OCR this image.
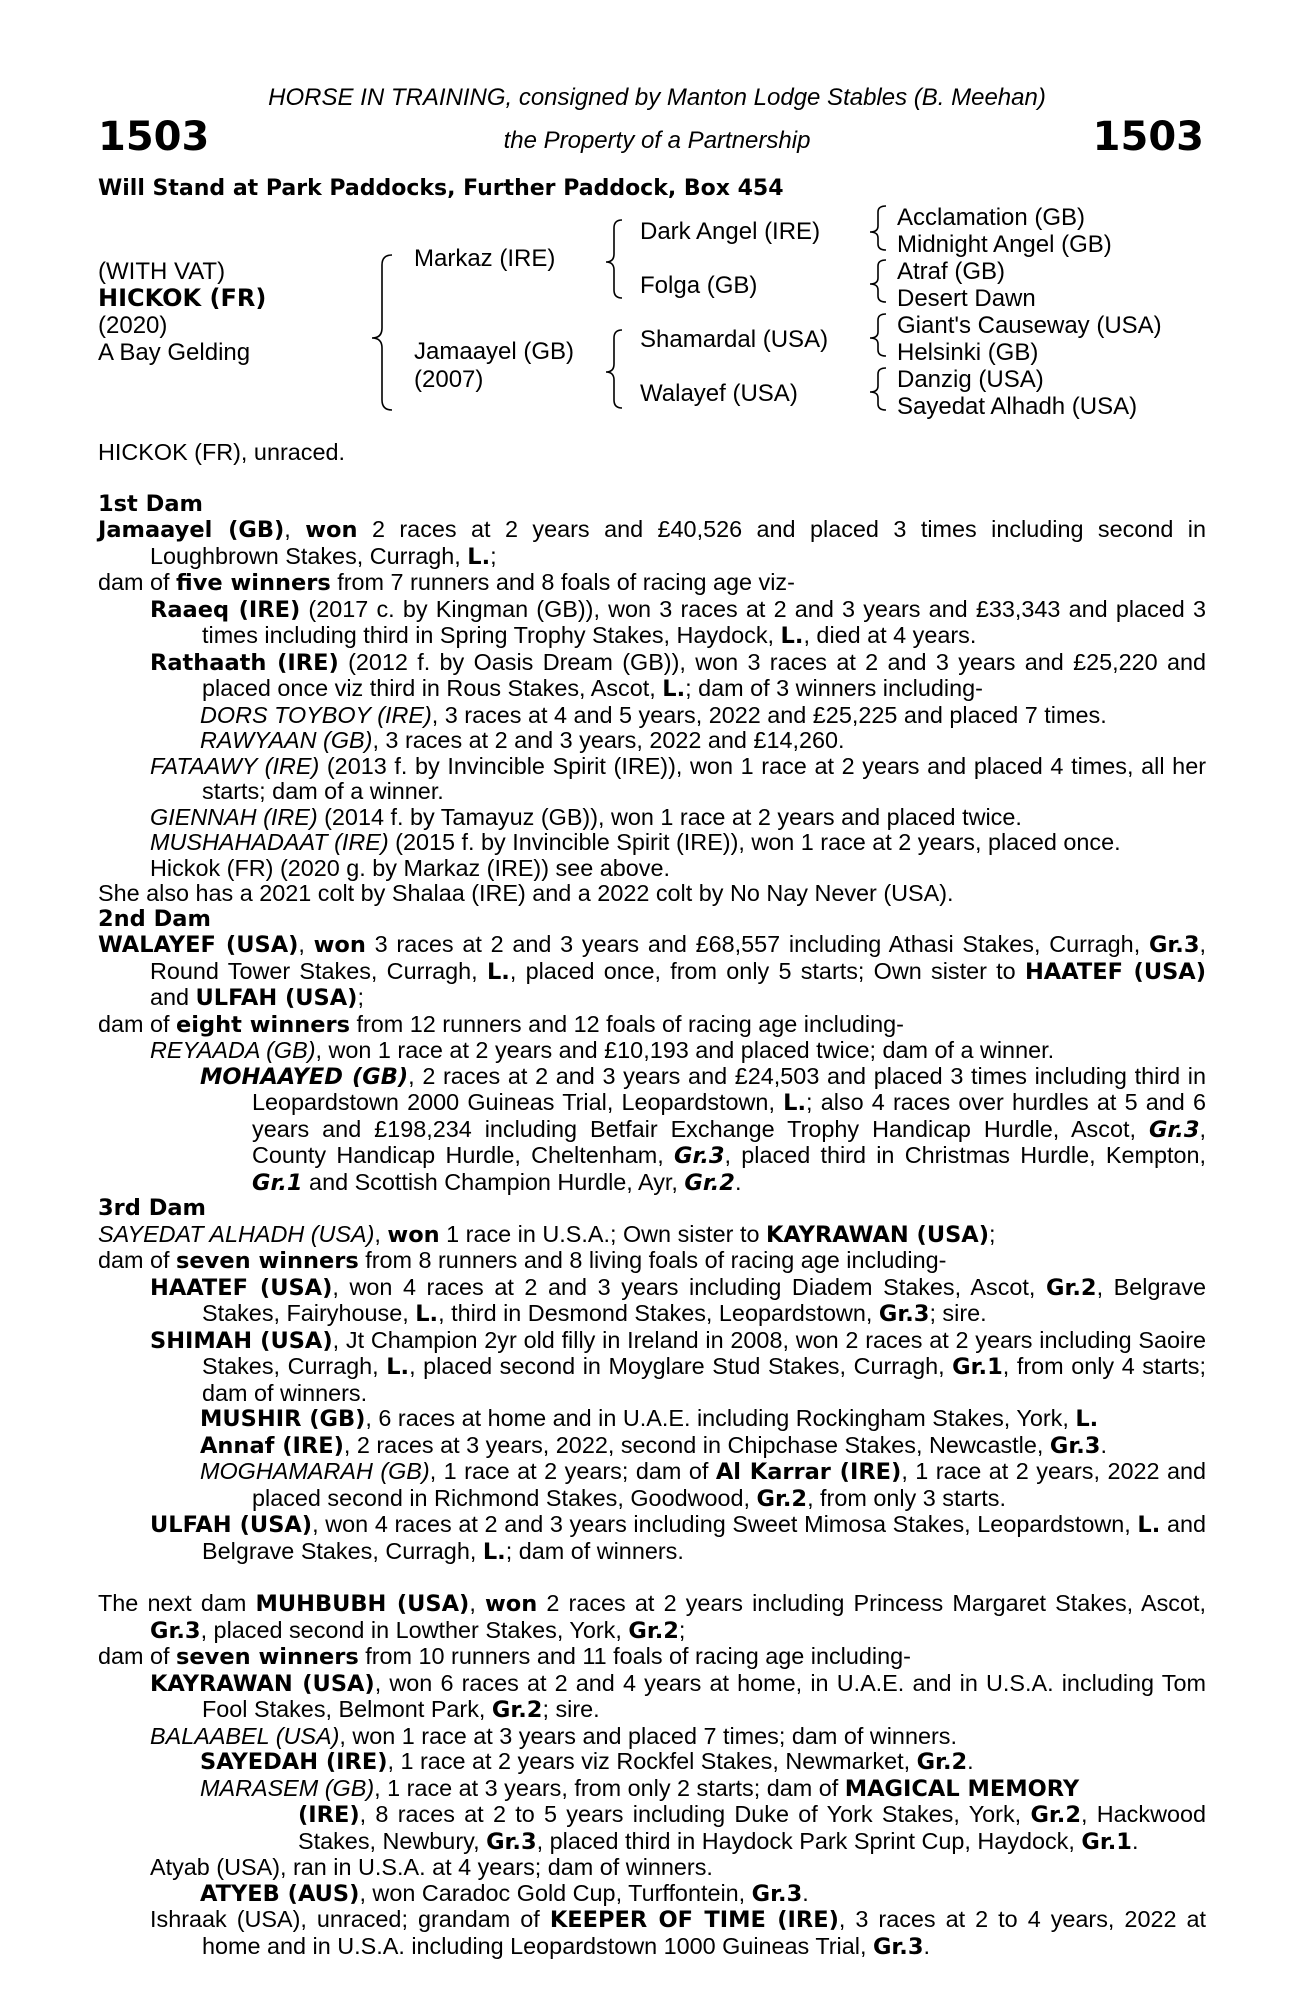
HORSE IN TRAINING, consigned by Manton Lodge Stables (B. Meehan)
1503	the Property of a Partnership	1503
Will Stand at Park Paddocks, Further Paddock, Box 454
(WITH VAT)
HICKOK (FR)
(2020)
A Bay Gelding
Markaz (IRE)
Jamaayel (GB)
(2007)
Dark Angel (IRE)
Folga (GB)
Shamardal (USA)
Walayef (USA)
Acclamation (GB)
Midnight Angel (GB)
Atraf (GB)
Desert Dawn
Giant's Causeway (USA)
Helsinki (GB)
Danzig (USA)
Sayedat Alhadh (USA)

HICKOK (FR), unraced.

1st Dam

Jamaayel (GB), won 2 races at 2 years and £40,526 and placed 3 times including second in Loughbrown Stakes, Curragh, L.;

dam of five winners from 7 runners and 8 foals of racing age viz-

Raaeq (IRE) (2017 c. by Kingman (GB)), won 3 races at 2 and 3 years and £33,343 and placed 3 times including third in Spring Trophy Stakes, Haydock, L., died at 4 years.

Rathaath (IRE) (2012 f. by Oasis Dream (GB)), won 3 races at 2 and 3 years and £25,220 and placed once viz third in Rous Stakes, Ascot, L.; dam of 3 winners including-

DORS TOYBOY (IRE), 3 races at 4 and 5 years, 2022 and £25,225 and placed 7 times.

RAWYAAN (GB), 3 races at 2 and 3 years, 2022 and £14,260.

FATAAWY (IRE) (2013 f. by Invincible Spirit (IRE)), won 1 race at 2 years and placed 4 times, all her starts; dam of a winner.

GIENNAH (IRE) (2014 f. by Tamayuz (GB)), won 1 race at 2 years and placed twice.

MUSHAHADAAT (IRE) (2015 f. by Invincible Spirit (IRE)), won 1 race at 2 years, placed once.

Hickok (FR) (2020 g. by Markaz (IRE)) see above.

She also has a 2021 colt by Shalaa (IRE) and a 2022 colt by No Nay Never (USA).

2nd Dam

WALAYEF (USA), won 3 races at 2 and 3 years and £68,557 including Athasi Stakes, Curragh, Gr.3, Round Tower Stakes, Curragh, L., placed once, from only 5 starts; Own sister to HAATEF (USA) and ULFAH (USA);

dam of eight winners from 12 runners and 12 foals of racing age including-

REYAADA (GB), won 1 race at 2 years and £10,193 and placed twice; dam of a winner.

MOHAAYED (GB), 2 races at 2 and 3 years and £24,503 and placed 3 times including third in Leopardstown 2000 Guineas Trial, Leopardstown, L.; also 4 races over hurdles at 5 and 6 years and £198,234 including Betfair Exchange Trophy Handicap Hurdle, Ascot, Gr.3, County Handicap Hurdle, Cheltenham, Gr.3, placed third in Christmas Hurdle, Kempton, Gr.1 and Scottish Champion Hurdle, Ayr, Gr.2.

3rd Dam

SAYEDAT ALHADH (USA), won 1 race in U.S.A.; Own sister to KAYRAWAN (USA);

dam of seven winners from 8 runners and 8 living foals of racing age including-

HAATEF (USA), won 4 races at 2 and 3 years including Diadem Stakes, Ascot, Gr.2, Belgrave Stakes, Fairyhouse, L., third in Desmond Stakes, Leopardstown, Gr.3; sire.

SHIMAH (USA), Jt Champion 2yr old filly in Ireland in 2008, won 2 races at 2 years including Saoire Stakes, Curragh, L., placed second in Moyglare Stud Stakes, Curragh, Gr.1, from only 4 starts; dam of winners.

MUSHIR (GB), 6 races at home and in U.A.E. including Rockingham Stakes, York, L.

Annaf (IRE), 2 races at 3 years, 2022, second in Chipchase Stakes, Newcastle, Gr.3.

MOGHAMARAH (GB), 1 race at 2 years; dam of Al Karrar (IRE), 1 race at 2 years, 2022 and placed second in Richmond Stakes, Goodwood, Gr.2, from only 3 starts.

ULFAH (USA), won 4 races at 2 and 3 years including Sweet Mimosa Stakes, Leopardstown, L. and Belgrave Stakes, Curragh, L.; dam of winners.

The next dam MUHBUBH (USA), won 2 races at 2 years including Princess Margaret Stakes, Ascot, Gr.3, placed second in Lowther Stakes, York, Gr.2;

dam of seven winners from 10 runners and 11 foals of racing age including-

KAYRAWAN (USA), won 6 races at 2 and 4 years at home, in U.A.E. and in U.S.A. including Tom Fool Stakes, Belmont Park, Gr.2; sire.

BALAABEL (USA), won 1 race at 3 years and placed 7 times; dam of winners.

SAYEDAH (IRE), 1 race at 2 years viz Rockfel Stakes, Newmarket, Gr.2.

MARASEM (GB), 1 race at 3 years, from only 2 starts; dam of MAGICAL MEMORY

(IRE), 8 races at 2 to 5 years including Duke of York Stakes, York, Gr.2, Hackwood Stakes, Newbury, Gr.3, placed third in Haydock Park Sprint Cup, Haydock, Gr.1.

Atyab (USA), ran in U.S.A. at 4 years; dam of winners.

ATYEB (AUS), won Caradoc Gold Cup, Turffontein, Gr.3.

Ishraak (USA), unraced; grandam of KEEPER OF TIME (IRE), 3 races at 2 to 4 years, 2022 at home and in U.S.A. including Leopardstown 1000 Guineas Trial, Gr.3.
